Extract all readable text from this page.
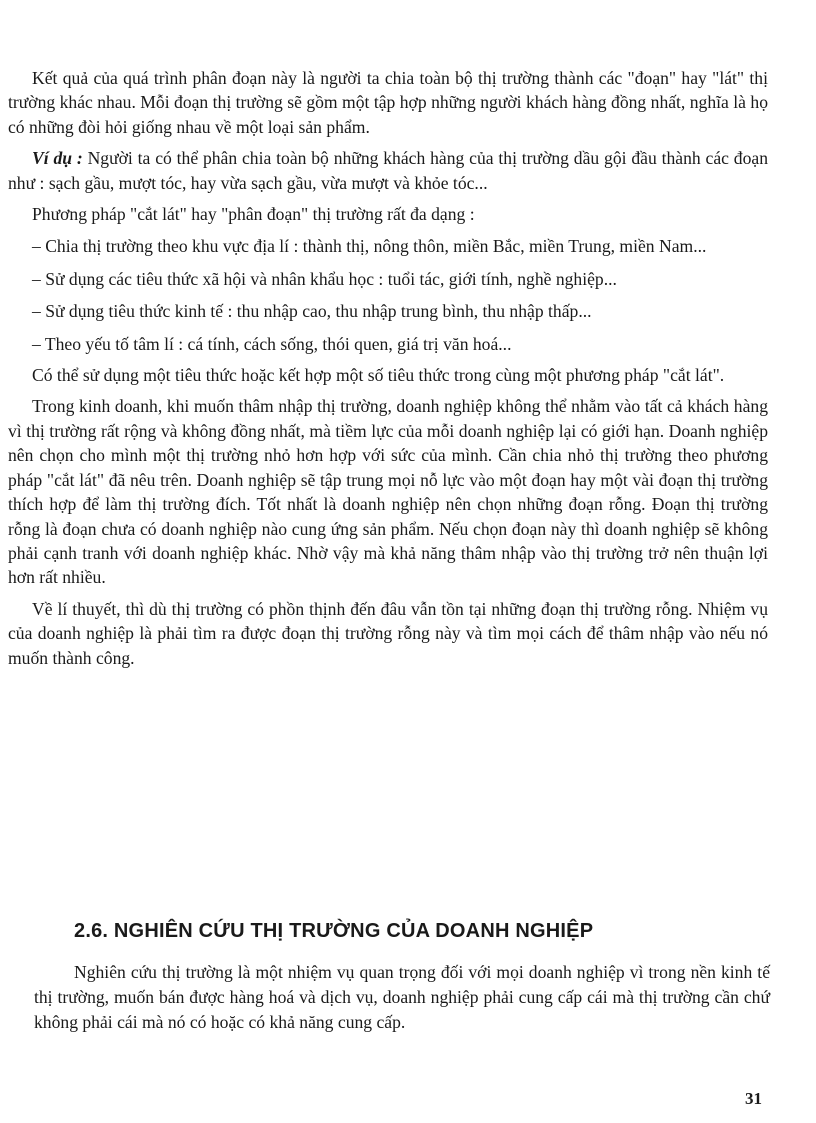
Kết quả của quá trình phân đoạn này là người ta chia toàn bộ thị trường thành các "đoạn" hay "lát" thị trường khác nhau. Mỗi đoạn thị trường sẽ gồm một tập hợp những người khách hàng đồng nhất, nghĩa là họ có những đòi hỏi giống nhau về một loại sản phẩm.

Ví dụ : Người ta có thể phân chia toàn bộ những khách hàng của thị trường dầu gội đầu thành các đoạn như : sạch gầu, mượt tóc, hay vừa sạch gầu, vừa mượt và khỏe tóc...

Phương pháp "cắt lát" hay "phân đoạn" thị trường rất đa dạng :

– Chia thị trường theo khu vực địa lí : thành thị, nông thôn, miền Bắc, miền Trung, miền Nam...

– Sử dụng các tiêu thức xã hội và nhân khẩu học : tuổi tác, giới tính, nghề nghiệp...

– Sử dụng tiêu thức kinh tế : thu nhập cao, thu nhập trung bình, thu nhập thấp...

– Theo yếu tố tâm lí : cá tính, cách sống, thói quen, giá trị văn hoá...

Có thể sử dụng một tiêu thức hoặc kết hợp một số tiêu thức trong cùng một phương pháp "cắt lát".

Trong kinh doanh, khi muốn thâm nhập thị trường, doanh nghiệp không thể nhằm vào tất cả khách hàng vì thị trường rất rộng và không đồng nhất, mà tiềm lực của mỗi doanh nghiệp lại có giới hạn. Doanh nghiệp nên chọn cho mình một thị trường nhỏ hơn hợp với sức của mình. Cần chia nhỏ thị trường theo phương pháp "cắt lát" đã nêu trên. Doanh nghiệp sẽ tập trung mọi nỗ lực vào một đoạn hay một vài đoạn thị trường thích hợp để làm thị trường đích. Tốt nhất là doanh nghiệp nên chọn những đoạn rỗng. Đoạn thị trường rỗng là đoạn chưa có doanh nghiệp nào cung ứng sản phẩm. Nếu chọn đoạn này thì doanh nghiệp sẽ không phải cạnh tranh với doanh nghiệp khác. Nhờ vậy mà khả năng thâm nhập vào thị trường trở nên thuận lợi hơn rất nhiều.

Về lí thuyết, thì dù thị trường có phồn thịnh đến đâu vẫn tồn tại những đoạn thị trường rỗng. Nhiệm vụ của doanh nghiệp là phải tìm ra được đoạn thị trường rỗng này và tìm mọi cách để thâm nhập vào nếu nó muốn thành công.

2.6. NGHIÊN CỨU THỊ TRƯỜNG CỦA DOANH NGHIỆP

Nghiên cứu thị trường là một nhiệm vụ quan trọng đối với mọi doanh nghiệp vì trong nền kinh tế thị trường, muốn bán được hàng hoá và dịch vụ, doanh nghiệp phải cung cấp cái mà thị trường cần chứ không phải cái mà nó có hoặc có khả năng cung cấp.

31
